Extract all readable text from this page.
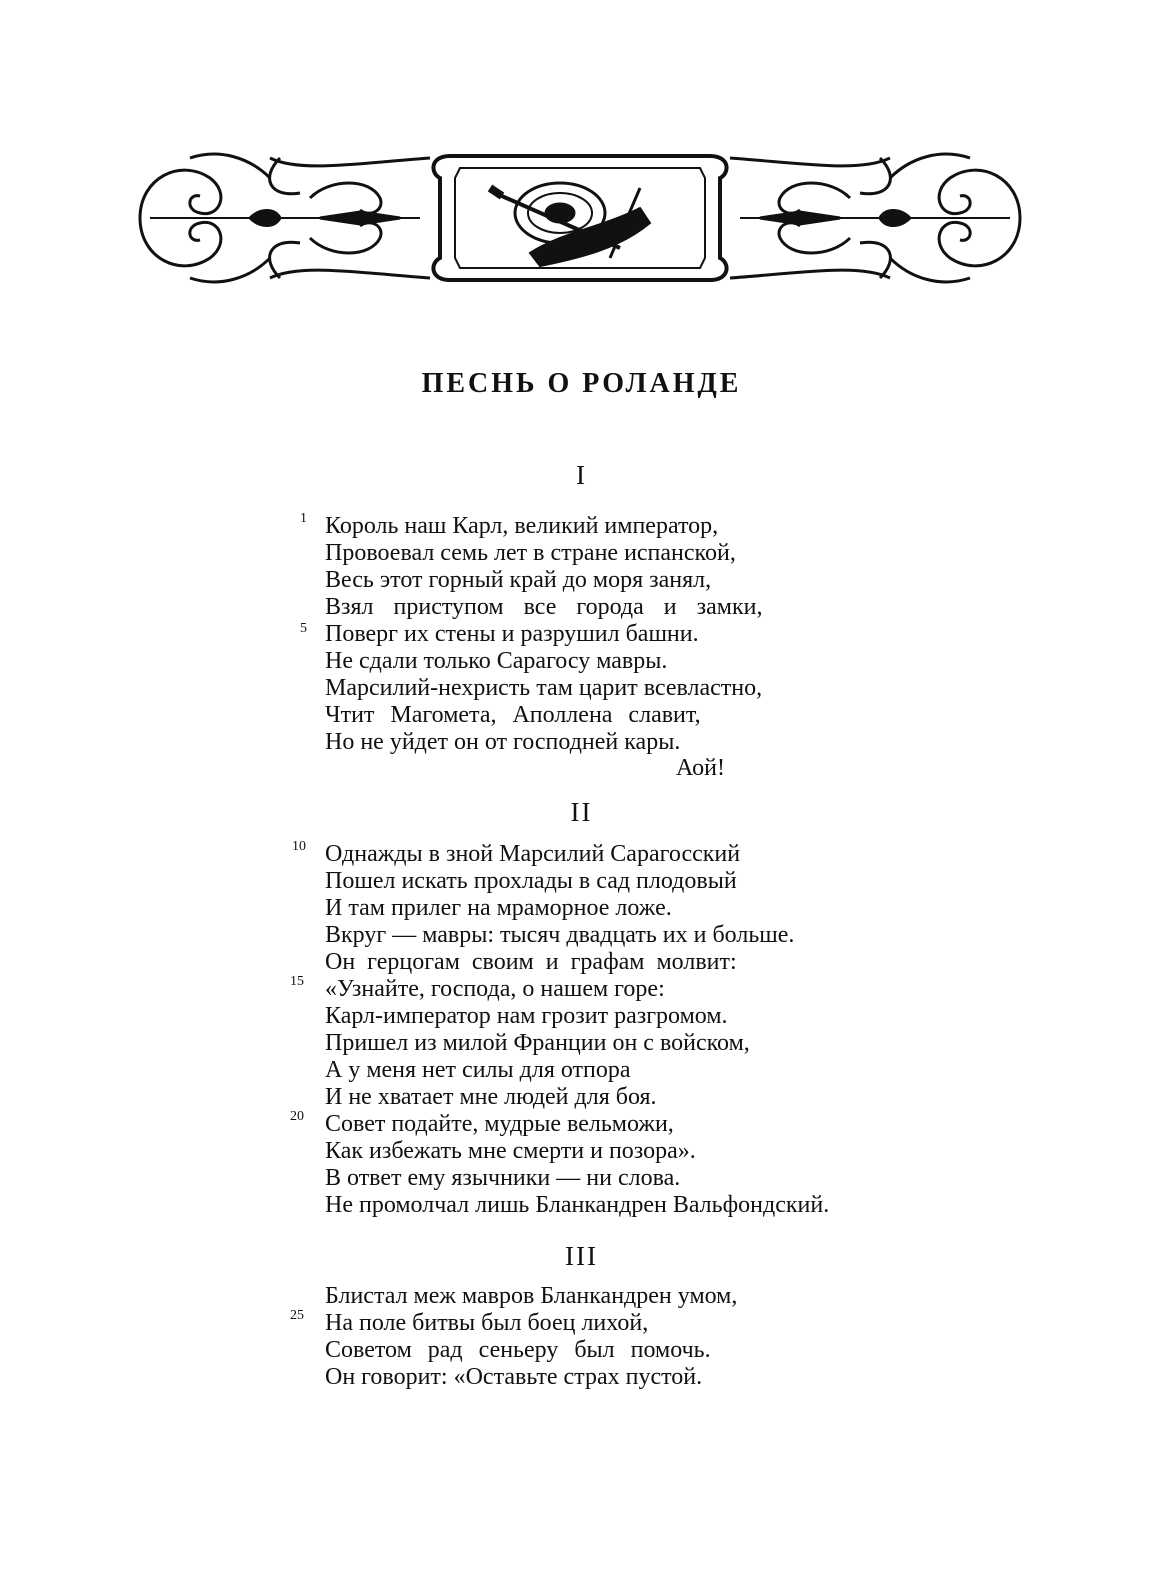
ПЕСНЬ О РОЛАНДЕ
I
1 Король наш Карл, великий император,
Провоевал семь лет в стране испанской,
Весь этот горный край до моря занял,
Взял приступом все города и замки,
5 Поверг их стены и разрушил башни.
Не сдали только Сарагосу мавры.
Марсилий-нехристь там царит всевластно,
Чтит Магомета, Аполлена славит,
Но не уйдет он от господней кары.
Аой!
II
10 Однажды в зной Марсилий Сарагосский
Пошел искать прохлады в сад плодовый
И там прилег на мраморное ложе.
Вкруг — мавры: тысяч двадцать их и больше.
Он герцогам своим и графам молвит:
15 «Узнайте, господа, о нашем горе:
Карл-император нам грозит разгромом.
Пришел из милой Франции он с войском,
А у меня нет силы для отпора
И не хватает мне людей для боя.
20 Совет подайте, мудрые вельможи,
Как избежать мне смерти и позора».
В ответ ему язычники — ни слова.
Не промолчал лишь Бланкандрен Вальфондский.
III
Блистал меж мавров Бланкандрен умом,
25 На поле битвы был боец лихой,
Советом рад сеньеру был помочь.
Он говорит: «Оставьте страх пустой.
